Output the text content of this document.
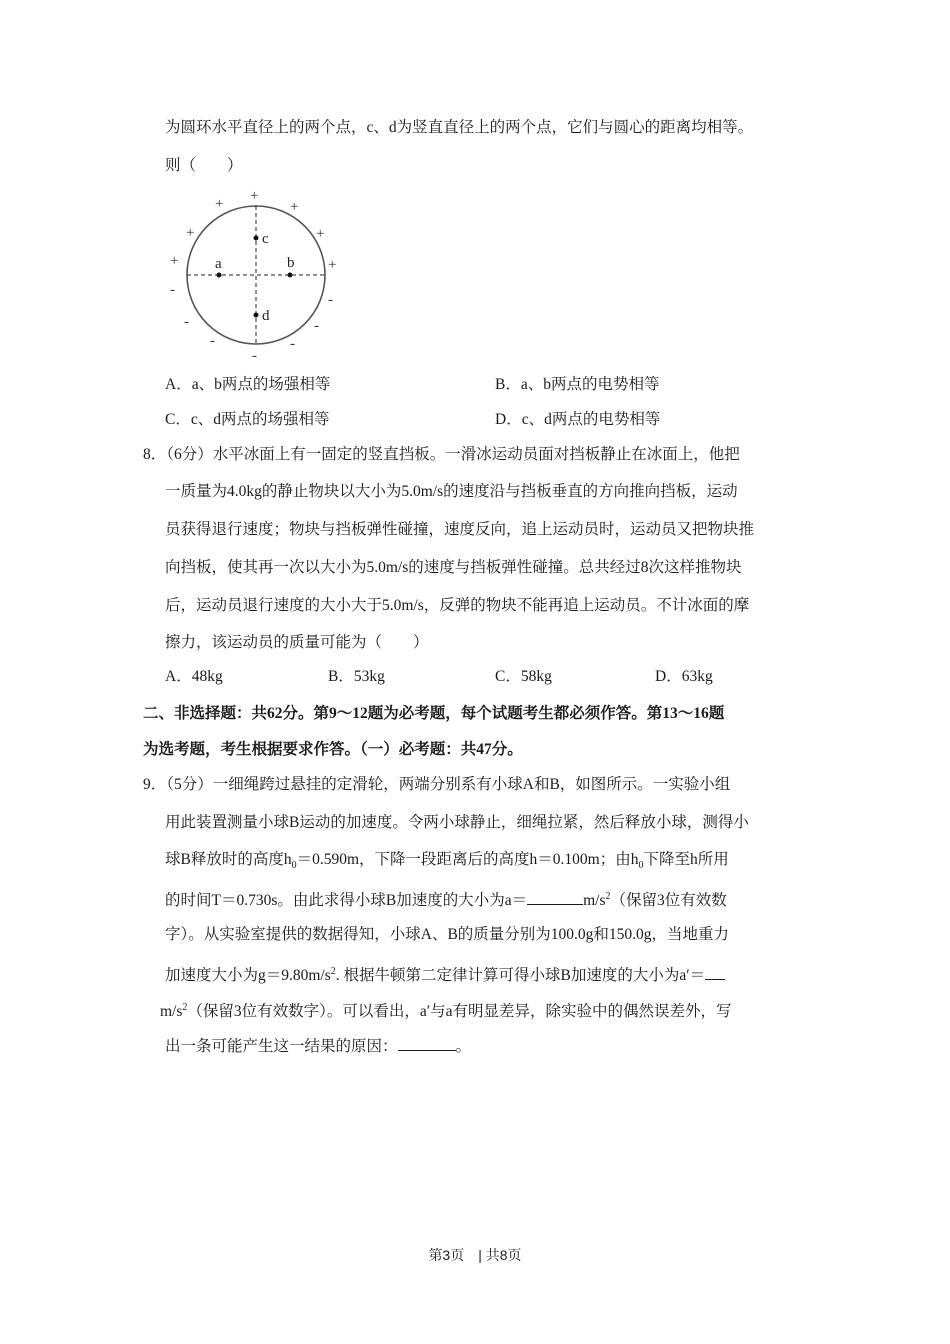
为圆环水平直径上的两个点，c、d为竖直直径上的两个点，它们与圆心的距离均相等。
则（　　）
a	b
c
d
+
+	+
+	+
+	+
-
-
-	-
-	-
-
A．a、b两点的场强相等	B．a、b两点的电势相等
C．c、d两点的场强相等	D．c、d两点的电势相等
8．（6分）水平冰面上有一固定的竖直挡板。一滑冰运动员面对挡板静止在冰面上，他把
一质量为4.0kg的静止物块以大小为5.0m/s的速度沿与挡板垂直的方向推向挡板，运动
员获得退行速度；物块与挡板弹性碰撞，速度反向，追上运动员时，运动员又把物块推
向挡板，使其再一次以大小为5.0m/s的速度与挡板弹性碰撞。总共经过8次这样推物块
后，运动员退行速度的大小大于5.0m/s，反弹的物块不能再追上运动员。不计冰面的摩
擦力，该运动员的质量可能为（　　）
A．48kg	B．53kg	C．58kg	D．63kg
二、非选择题：共62分。第9～12题为必考题，每个试题考生都必须作答。第13～16题
为选考题，考生根据要求作答。（一）必考题：共47分。
9．（5分）一细绳跨过悬挂的定滑轮，两端分别系有小球A和B，如图所示。一实验小组
用此装置测量小球B运动的加速度。令两小球静止，细绳拉紧，然后释放小球，测得小
球B释放时的高度$h_0=0.590m$，下降一段距离后的高度h＝0.100m；由$h_0$下降至h所用
的时间T＝0.730s。由此求得小球B加速度的大小为a＝	$m/s^2$（保留3位有效数
字）。从实验室提供的数据得知，小球A、B的质量分别为100.0g和150.0g，当地重力
加速度大小为$g=9.80m/s^2$. 根据牛顿第二定律计算可得小球B加速度的大小为a′＝
$m/s^2$（保留3位有效数字）。可以看出，a′与a有明显差异，除实验中的偶然误差外，写
出一条可能产生这一结果的原因：	。
第3页　| 共8页
